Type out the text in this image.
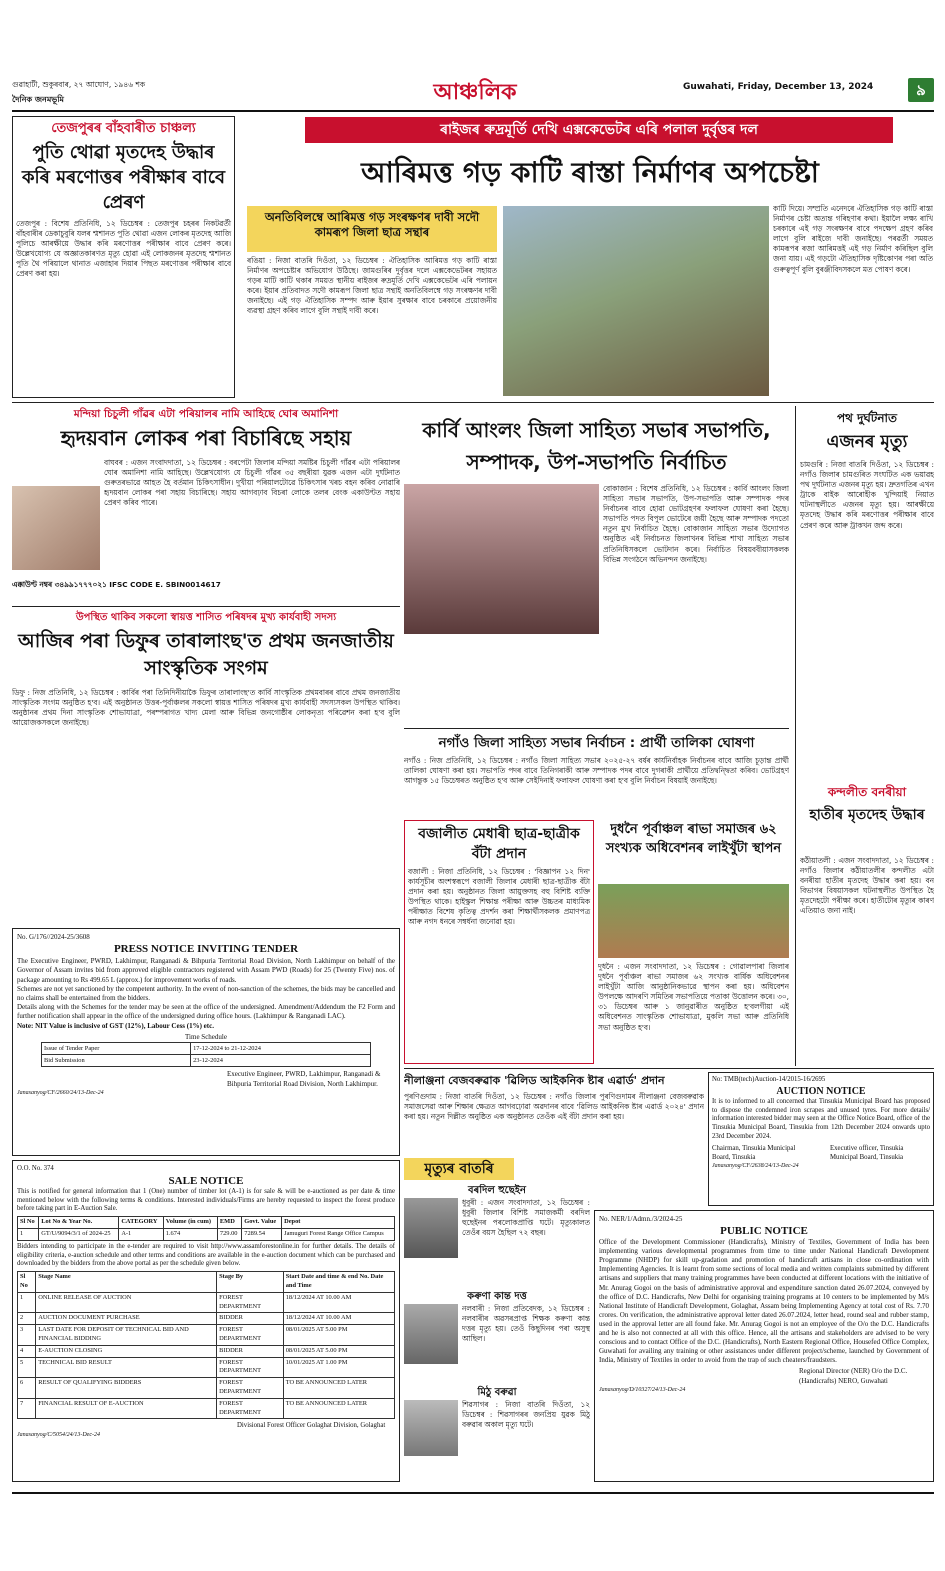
গুৱাহাটী, শুকুৰবাৰ, ২৭ আঘোণ, ১৯৪৬ শক
দৈনিক জনমভূমি	আঞ্চলিক	Guwahati, Friday, December 13, 2024	৯
তেজপুৰৰ বাঁহবাৰীত চাঞ্চল্য
পুতি থোৱা মৃতদেহ উদ্ধাৰ কৰি মৰণোত্তৰ পৰীক্ষাৰ বাবে প্ৰেৰণ
তেজপুৰ : বিশেষ প্ৰতিনিধি, ১২ ডিচেম্বৰ : তেজপুৰ চহৰৰ নিকটৱৰ্তী বাঁহবাৰীৰ ডেকাচুবুৰি যলৰ শ্মশানত পুতি থোৱা এজন লোকৰ মৃতদেহ আজি পুলিচে আৰক্ষীয়ে উদ্ধাৰ কৰি মৰণোত্তৰ পৰীক্ষাৰ বাবে প্ৰেৰণ কৰে। উল্লেখযোগ্য যে অজ্ঞাতকাৰণত মৃত্যু হোৱা এই লোকজনৰ মৃতদেহ শ্মশানত পুতি থৈ পৰিয়ালে থানাত এজাহাৰ দিয়াৰ পিছত মৰণোত্তৰ পৰীক্ষাৰ বাবে প্ৰেৰণ কৰা হয়।
ৰাইজৰ ৰুদ্ৰমূৰ্তি দেখি এক্সকেভেটৰ এৰি পলাল দুৰ্বৃত্তৰ দল
আৰিমত্ত গড় কাটি ৰাস্তা নিৰ্মাণৰ অপচেষ্টা
অনতিবিলম্বে আৰিমত্ত গড় সংৰক্ষণৰ দাবী সদৌ কামৰূপ জিলা ছাত্ৰ সন্থাৰ
ৰঙিয়া : নিজা বাতৰি দিওঁতা, ১২ ডিচেম্বৰ : ঐতিহাসিক আৰিমত্ত গড় কাটি ৰাস্তা নিৰ্মাণৰ অপচেষ্টাৰ অভিযোগ উঠিছে। জামগুৰিৰ দুৰ্বৃত্তৰ দলে এক্সকেভেটৰৰ সহায়ত গড়ৰ মাটি কাটি থকাৰ সময়ত স্থানীয় ৰাইজৰ ৰুদ্ৰমূৰ্তি দেখি এক্সকেভেটৰ এৰি পলায়ন কৰে। ইয়াৰ প্ৰতিবাদত সদৌ কামৰূপ জিলা ছাত্ৰ সন্থাই অনতিবিলম্বে গড় সংৰক্ষণৰ দাবী জনাইছে। এই গড় ঐতিহাসিক সম্পদ আৰু ইয়াৰ সুৰক্ষাৰ বাবে চৰকাৰে প্ৰয়োজনীয় ব্যৱস্থা গ্ৰহণ কৰিব লাগে বুলি সন্থাই দাবী কৰে।
কাটি দিয়ে। সম্প্ৰতি এনেদৰে ঐতিহাসিক গড় কাটি ৰাস্তা নিৰ্মাণৰ চেষ্টা অত্যন্ত গৰিহণাৰ কথা। ইয়ালৈ লক্ষ্য ৰাখি চৰকাৰে এই গড় সংৰক্ষণৰ বাবে পদক্ষেপ গ্ৰহণ কৰিব লাগে বুলি ৰাইজে দাবী জনাইছে। পৰৱৰ্তী সময়ত কামৰূপৰ ৰজা আৰিমত্তই এই গড় নিৰ্মাণ কৰিছিল বুলি জনা যায়। এই গড়টো ঐতিহাসিক দৃষ্টিকোণৰ পৰা অতি গুৰুত্বপূৰ্ণ বুলি বুৰঞ্জীবিদসকলে মত পোষণ কৰে।
মন্দিয়া চিচুলী গাঁৱৰ এটা পৰিয়ালৰ নামি আহিছে ঘোৰ অমানিশা
হৃদয়বান লোকৰ পৰা বিচাৰিছে সহায়
বাঘবৰ : এজন সংবাদদাতা, ১২ ডিচেম্বৰ : বৰপেটা জিলাৰ মন্দিয়া সমষ্টিৰ চিচুলী গাঁৱৰ এটা পৰিয়ালৰ ঘোৰ অমানিশা নামি আহিছে। উল্লেখযোগ্য যে চিচুলী গাঁৱৰ ৩৫ বছৰীয়া যুৱক এজন এটা দুৰ্ঘটনাত গুৰুতৰভাৱে আহত হৈ বৰ্তমান চিকিৎসাধীন। দুখীয়া পৰিয়ালটোৱে চিকিৎসাৰ খৰচ বহন কৰিব নোৱাৰি হৃদয়বান লোকৰ পৰা সহায় বিচাৰিছে। সহায় আগবঢ়াব বিচৰা লোকে তলৰ বেংক একাউণ্টত সহায় প্ৰেৰণ কৰিব পাৰে।
এক্কাউণ্ট নম্বৰ ৩৪৯৯১৭৭৭০২১ IFSC CODE E. SBIN0014617
উপস্থিত থাকিব সকলো স্বায়ত্ত শাসিত পৰিষদৰ মুখ্য কাৰ্যবাহী সদস্য
আজিৰ পৰা ডিফুৰ তাৰালাংছ'ত প্ৰথম জনজাতীয় সাংস্কৃতিক সংগম
ডিফু : নিজ প্ৰতিনিধি, ১২ ডিচেম্বৰ : কাৰ্বিৰ পৰা তিনিদিনীয়াকৈ ডিফুৰ তাৰালাংছ'ত কাৰ্বি সাংস্কৃতিক প্ৰথমবাৰৰ বাবে প্ৰথম জনজাতীয় সাংস্কৃতিক সংগম অনুষ্ঠিত হ'ব। এই অনুষ্ঠানত উত্তৰ-পূৰ্বাঞ্চলৰ সকলো স্বায়ত্ত শাসিত পৰিষদৰ মুখ্য কাৰ্যবাহী সদস্যসকল উপস্থিত থাকিব। অনুষ্ঠানৰ প্ৰথম দিনা সাংস্কৃতিক শোভাযাত্ৰা, পৰম্পৰাগত খাদ্য মেলা আৰু বিভিন্ন জনগোষ্ঠীৰ লোকনৃত্য পৰিৱেশন কৰা হ'ব বুলি আয়োজকসকলে জনাইছে।
কাৰ্বি আংলং জিলা সাহিত্য সভাৰ সভাপতি, সম্পাদক, উপ-সভাপতি নিৰ্বাচিত
বোকাজান : বিশেষ প্ৰতিনিধি, ১২ ডিচেম্বৰ : কাৰ্বি আংলং জিলা সাহিত্য সভাৰ সভাপতি, উপ-সভাপতি আৰু সম্পাদক পদৰ নিৰ্বাচনৰ বাবে হোৱা ভোটগ্ৰহণৰ ফলাফল ঘোষণা কৰা হৈছে। সভাপতি পদত বিপুল ভোটেৰে জয়ী হৈছে আৰু সম্পাদক পদতো নতুন মুখ নিৰ্বাচিত হৈছে। বোকাজান সাহিত্য সভাৰ উদ্যোগত অনুষ্ঠিত এই নিৰ্বাচনত জিলাখনৰ বিভিন্ন শাখা সাহিত্য সভাৰ প্ৰতিনিধিসকলে ভোটদান কৰে। নিৰ্বাচিত বিষয়ববীয়াসকলক বিভিন্ন সংগঠনে অভিনন্দন জনাইছে।
নগাঁও জিলা সাহিত্য সভাৰ নিৰ্বাচন : প্ৰাৰ্থী তালিকা ঘোষণা
নগাঁও : নিজ প্ৰতিনিধি, ১২ ডিচেম্বৰ : নগাঁও জিলা সাহিত্য সভাৰ ২০২৫-২৭ বৰ্ষৰ কাৰ্যনিৰ্বাহক নিৰ্বাচনৰ বাবে আজি চূড়ান্ত প্ৰাৰ্থী তালিকা ঘোষণা কৰা হয়। সভাপতি পদৰ বাবে তিনিগৰাকী আৰু সম্পাদক পদৰ বাবে দুগৰাকী প্ৰাৰ্থীয়ে প্ৰতিদ্বন্দ্বিতা কৰিব। ভোটগ্ৰহণ আগন্তুক ১৫ ডিচেম্বৰত অনুষ্ঠিত হ'ব আৰু সেইদিনাই ফলাফল ঘোষণা কৰা হ'ব বুলি নিৰ্বাচন বিষয়াই জনাইছে।
বজালীত মেধাৰী ছাত্ৰ-ছাত্ৰীক বঁটা প্ৰদান
বজালী : নিজা প্ৰতিনিধি, ১২ ডিচেম্বৰ : 'বিজ্ঞাপন ১২ দিন' কাৰ্যসূচীৰ অংশস্বৰূপে বজালী জিলাৰ মেধাৰী ছাত্ৰ-ছাত্ৰীক বঁটা প্ৰদান কৰা হয়। অনুষ্ঠানত জিলা আয়ুক্তসহ বহু বিশিষ্ট ব্যক্তি উপস্থিত থাকে। হাইস্কুল শিক্ষান্ত পৰীক্ষা আৰু উচ্চতৰ মাধ্যমিক পৰীক্ষাত বিশেষ কৃতিত্ব প্ৰদৰ্শন কৰা শিক্ষাৰ্থীসকলক প্ৰমাণপত্ৰ আৰু নগদ ধনৰে সম্বৰ্ধনা জনোৱা হয়।
দুধনৈ পূৰ্বাঞ্চল ৰাভা সমাজৰ ৬২ সংখ্যক অধিবেশনৰ লাইখুঁটা স্থাপন
দুধনৈ : এজন সংবাদদাতা, ১২ ডিচেম্বৰ : গোৱালপাৰা জিলাৰ দুধনৈ পূৰ্বাঞ্চল ৰাভা সমাজৰ ৬২ সংখ্যক বাৰ্ষিক অধিবেশনৰ লাইখুঁটা আজি আনুষ্ঠানিকভাৱে স্থাপন কৰা হয়। অধিবেশন উপলক্ষে আদৰণি সমিতিৰ সভাপতিয়ে পতাকা উত্তোলন কৰে। ৩০, ৩১ ডিচেম্বৰ আৰু ১ জানুৱাৰীত অনুষ্ঠিত হ'বলগীয়া এই অধিবেশনত সাংস্কৃতিক শোভাযাত্ৰা, মুকলি সভা আৰু প্ৰতিনিধি সভা অনুষ্ঠিত হ'ব।
পথ দুৰ্ঘটনাত
এজনৰ মৃত্যু
চামগুৰি : নিজা বাতৰি দিওঁতা, ১২ ডিচেম্বৰ : নগাঁও জিলাৰ চামগুৰিত সংঘটিত এক ভয়াৱহ পথ দুৰ্ঘটনাত এজনৰ মৃত্যু হয়। দ্ৰুতগতিৰ এখন ট্ৰাকে বাইক আৰোহীক খুন্দিয়াই নিয়াত ঘটনাস্থলীতে এজনৰ মৃত্যু হয়। আৰক্ষীয়ে মৃতদেহ উদ্ধাৰ কৰি মৰণোত্তৰ পৰীক্ষাৰ বাবে প্ৰেৰণ কৰে আৰু ট্ৰাকখন জব্দ কৰে।
কন্দলীত বনৰীয়া
হাতীৰ মৃতদেহ উদ্ধাৰ
কঠীয়াতলী : এজন সংবাদদাতা, ১২ ডিচেম্বৰ : নগাঁও জিলাৰ কঠীয়াতলীৰ কন্দলীত এটা বনৰীয়া হাতীৰ মৃতদেহ উদ্ধাৰ কৰা হয়। বন বিভাগৰ বিষয়াসকল ঘটনাস্থলীত উপস্থিত হৈ মৃতদেহটো পৰীক্ষা কৰে। হাতীটোৰ মৃত্যুৰ কাৰণ এতিয়াও জনা নাই।
No. G/176//2024-25/3608
PRESS NOTICE INVITING TENDER
The Executive Engineer, PWRD, Lakhimpur, Ranganadi & Bihpuria Territorial Road Division, North Lakhimpur on behalf of the Governor of Assam invites bid from approved eligible contractors registered with Assam PWD (Roads) for 25 (Twenty Five) nos. of package amounting to Rs 499.65 L (approx.) for improvement works of roads.
Schemes are not yet sanctioned by the competent authority. In the event of non-sanction of the schemes, the bids may be cancelled and no claims shall be entertained from the bidders.
Details along with the Schemes for the tender may be seen at the office of the undersigned. Amendment/Addendum the F2 Form and further notification shall appear in the office of the undersigned during office hours. (Lakhimpur & Ranganadi LAC).
Note: NIT Value is inclusive of GST (12%), Labour Cess (1%) etc.
Time Schedule
Issue of Tender Paper	17-12-2024 to 21-12-2024
Bid Submission	23-12-2024
Executive Engineer, PWRD, Lakhimpur, Ranganadi & Bihpuria Territorial Road Division, North Lakhimpur.
Janasanyog/CF/2660/24/13-Dec-24
O.O. No. 374
SALE NOTICE
This is notified for general information that 1 (One) number of timber lot (A-1) is for sale & will be e-auctioned as per date & time mentioned below with the following terms & conditions. Interested individuals/Firms are hereby requested to inspect the forest produce before taking part in E-Auction Sale.
Sl No	Lot No & Year No.	CATEGORY	Volume (in cum)	EMD	Govt. Value	Depot
1	GT/U/9094/3/1 of 2024-25	A-1	1.674	729.00	7289.54	Jamuguri Forest Range Office Campus
Bidders intending to participate in the e-tender are required to visit http://www.assamforestonline.in for further details. The details of eligibility criteria, e-auction schedule and other terms and conditions are available in the e-auction document which can be purchased and downloaded by the bidders from the above portal as per the schedule given below.
Sl No	Stage Name	Stage By	Start Date and time & end No. Date and Time
1	ONLINE RELEASE OF AUCTION	FOREST DEPARTMENT	18/12/2024 AT 10.00 AM
2	AUCTION DOCUMENT PURCHASE	BIDDER	18/12/2024 AT 10.00 AM
3	LAST DATE FOR DEPOSIT OF TECHNICAL BID AND FINANCIAL BIDDING	FOREST DEPARTMENT	08/01/2025 AT 5.00 PM
4	E-AUCTION CLOSING	BIDDER	08/01/2025 AT 5.00 PM
5	TECHNICAL BID RESULT	FOREST DEPARTMENT	10/01/2025 AT 1.00 PM
6	RESULT OF QUALIFYING BIDDERS	FOREST DEPARTMENT	TO BE ANNOUNCED LATER
7	FINANCIAL RESULT OF E-AUCTION	FOREST DEPARTMENT	TO BE ANNOUNCED LATER
Divisional Forest Officer Golaghat Division, Golaghat
Janasanyog/C/5054/24/13-Dec-24
নীলাঞ্জনা বেজবৰুৱাক 'ৱিলিড আইকনিক ষ্টাৰ এৱাৰ্ড' প্ৰদান
পুৰণিগুদাম : নিজা বাতৰি দিওঁতা, ১২ ডিচেম্বৰ : নগাঁও জিলাৰ পুৰণিগুদামৰ নীলাঞ্জনা বেজবৰুৱাক সমাজসেৱা আৰু শিক্ষাৰ ক্ষেত্ৰত আগবঢ়োৱা অৱদানৰ বাবে 'ৱিলিড আইকনিক ষ্টাৰ এৱাৰ্ড ২০২৪' প্ৰদান কৰা হয়। নতুন দিল্লীত অনুষ্ঠিত এক অনুষ্ঠানত তেওঁক এই বঁটা প্ৰদান কৰা হয়।
মৃত্যুৰ বাতৰি
বৰদিল হুছেইন
ধুবুৰী : এজন সংবাদদাতা, ১২ ডিচেম্বৰ : ধুবুৰী জিলাৰ বিশিষ্ট সমাজকৰ্মী বৰদিল হুছেইনৰ পৰলোকপ্ৰাপ্তি ঘটে। মৃত্যুকালত তেওঁৰ বয়স হৈছিল ৭২ বছৰ।
কৰুণা কান্ত দত্ত
নলবাৰী : নিজা প্ৰতিবেদক, ১২ ডিচেম্বৰ : নলবাৰীৰ অৱসৰপ্ৰাপ্ত শিক্ষক কৰুণা কান্ত দত্তৰ মৃত্যু হয়। তেওঁ কিছুদিনৰ পৰা অসুস্থ আছিল।
মিঠু বৰুৱা
শিৱসাগৰ : নিজা বাতৰি দিওঁতা, ১২ ডিচেম্বৰ : শিৱসাগৰৰ জনপ্ৰিয় যুৱক মিঠু বৰুৱাৰ অকাল মৃত্যু ঘটে।
No: TMB(tech)Auction-14/2015-16/2695
AUCTION NOTICE
It is to informed to all concerned that Tinsukia Municipal Board has proposed to dispose the condemned iron scrapes and unused tyres. For more details/ information interested bidder may seen at the Office Notice Board, office of the Tinsukia Municipal Board, Tinsukia from 12th December 2024 onwards upto 23rd December 2024.
Chairman, Tinsukia Municipal Board, Tinsukia
Executive officer, Tinsukia Municipal Board, Tinsukia
Janasanyog/CF/2638/24/13-Dec-24
No. NER/1/Admn./3/2024-25
PUBLIC NOTICE
Office of the Development Commissioner (Handicrafts), Ministry of Textiles, Government of India has been implementing various developmental programmes from time to time under National Handicraft Development Programme (NHDP) for skill up-gradation and promotion of handicraft artisans in close co-ordination with Implementing Agencies. It is learnt from some sections of local media and written complaints submitted by different artisans and suppliers that many training programmes have been conducted at different locations with the initiative of Mr. Anurag Gogoi on the basis of administrative approval and expenditure sanction dated 26.07.2024, conveyed by the office of D.C. Handicrafts, New Delhi for organising training programs at 10 centers to be implemented by M/s National Institute of Handicraft Development, Golaghat, Assam being Implementing Agency at total cost of Rs. 7.70 crores. On verification, the administrative approval letter dated 26.07.2024, letter head, round seal and rubber stamp, used in the approval letter are all found fake. Mr. Anurag Gogoi is not an employee of the O/o the D.C. Handicrafts and he is also not connected at all with this office. Hence, all the artisans and stakeholders are advised to be very conscious and to contact Office of the D.C. (Handicrafts), North Eastern Regional Office, Housefed Office Complex, Guwahati for availing any training or other assistances under different project/scheme, launched by Government of India, Ministry of Textiles in order to avoid from the trap of such cheaters/fraudsters.
Regional Director (NER) O/o the D.C. (Handicrafts) NERO, Guwahati
Janasanyog/D/10327/24/13-Dec-24
